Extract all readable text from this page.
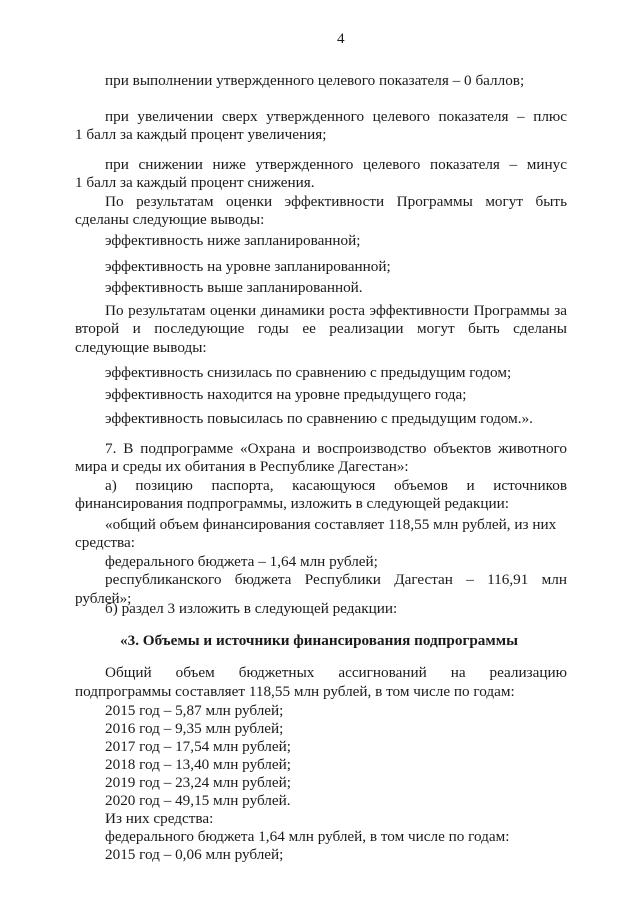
4
при выполнении утвержденного целевого показателя – 0 баллов;
при увеличении сверх утвержденного целевого показателя – плюс
1 балл за каждый процент увеличения;
при снижении ниже утвержденного целевого показателя – минус
1 балл за каждый процент снижения.
По результатам оценки эффективности Программы могут быть
сделаны следующие выводы:
эффективность ниже запланированной;
эффективность на уровне запланированной;
эффективность выше запланированной.
По результатам оценки динамики роста эффективности Программы за
второй и последующие годы ее реализации могут быть сделаны
следующие выводы:
эффективность снизилась по сравнению с предыдущим годом;
эффективность находится на уровне предыдущего года;
эффективность повысилась по сравнению с предыдущим годом.».
7. В подпрограмме «Охрана и воспроизводство объектов животного
мира и среды их обитания в Республике Дагестан»:
а) позицию паспорта, касающуюся объемов и источников
финансирования подпрограммы, изложить в следующей редакции:
«общий объем финансирования составляет 118,55 млн рублей, из них
средства:
федерального бюджета – 1,64 млн рублей;
республиканского бюджета Республики Дагестан – 116,91 млн
рублей»;
б) раздел 3 изложить в следующей редакции:
«3. Объемы и источники финансирования подпрограммы
Общий объем бюджетных ассигнований на реализацию
подпрограммы составляет 118,55 млн рублей, в том числе по годам:
2015 год – 5,87 млн рублей;
2016 год – 9,35 млн рублей;
2017 год – 17,54 млн рублей;
2018 год – 13,40 млн рублей;
2019 год – 23,24 млн рублей;
2020 год – 49,15 млн рублей.
Из них средства:
федерального бюджета 1,64 млн рублей, в том числе по годам:
2015 год – 0,06 млн рублей;
